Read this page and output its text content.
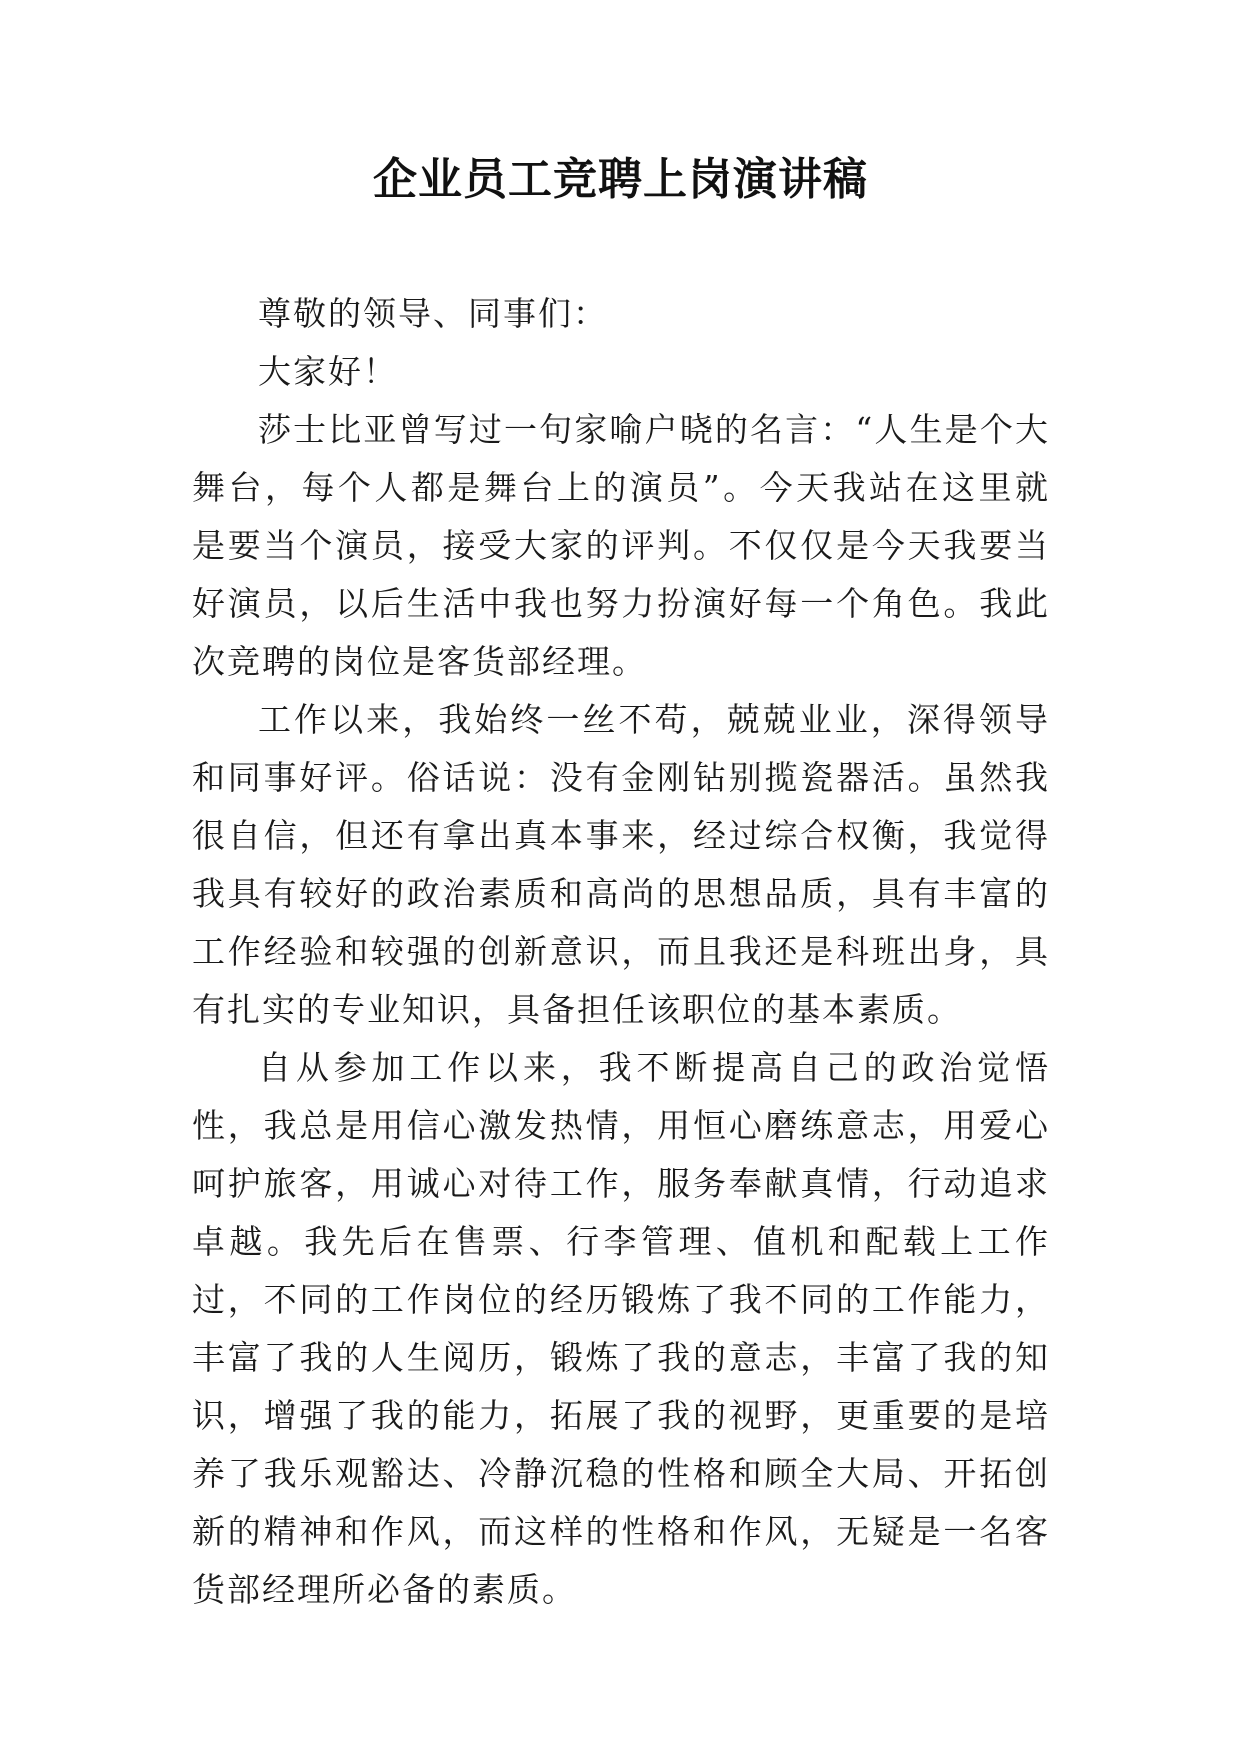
企业员工竞聘上岗演讲稿

尊敬的领导、同事们：

大家好！

莎士比亚曾写过一句家喻户晓的名言：“人生是个大舞台，每个人都是舞台上的演员”。今天我站在这里就是要当个演员，接受大家的评判。不仅仅是今天我要当好演员，以后生活中我也努力扮演好每一个角色。我此次竞聘的岗位是客货部经理。

工作以来，我始终一丝不苟，兢兢业业，深得领导和同事好评。俗话说：没有金刚钻别揽瓷器活。虽然我很自信，但还有拿出真本事来，经过综合权衡，我觉得我具有较好的政治素质和高尚的思想品质，具有丰富的工作经验和较强的创新意识，而且我还是科班出身，具有扎实的专业知识，具备担任该职位的基本素质。

自从参加工作以来，我不断提高自己的政治觉悟性，我总是用信心激发热情，用恒心磨练意志，用爱心呵护旅客，用诚心对待工作，服务奉献真情，行动追求卓越。我先后在售票、行李管理、值机和配载上工作过，不同的工作岗位的经历锻炼了我不同的工作能力，丰富了我的人生阅历，锻炼了我的意志，丰富了我的知识，增强了我的能力，拓展了我的视野，更重要的是培养了我乐观豁达、冷静沉稳的性格和顾全大局、开拓创新的精神和作风，而这样的性格和作风，无疑是一名客货部经理所必备的素质。
